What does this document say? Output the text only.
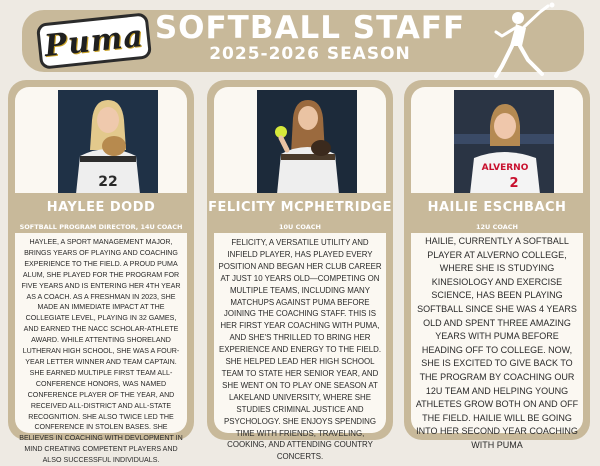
Puma SOFTBALL STAFF
2025-2026 SEASON
22
HAYLEE DODD
SOFTBALL PROGRAM DIRECTOR, 14U COACH
HAYLEE, A SPORT MANAGEMENT MAJOR, BRINGS YEARS OF PLAYING AND COACHING EXPERIENCE TO THE FIELD. A PROUD PUMA ALUM, SHE PLAYED FOR THE PROGRAM FOR FIVE YEARS AND IS ENTERING HER 4TH YEAR AS A COACH. AS A FRESHMAN IN 2023, SHE MADE AN IMMEDIATE IMPACT AT THE COLLEGIATE LEVEL, PLAYING IN 32 GAMES, AND EARNED THE NACC SCHOLAR-ATHLETE AWARD. WHILE ATTENTING SHORELAND LUTHERAN HIGH SCHOOL, SHE WAS A FOUR-YEAR LETTER WINNER AND TEAM CAPTAIN. SHE EARNED MULTIPLE FIRST TEAM ALL-CONFERENCE HONORS, WAS NAMED CONFERENCE PLAYER OF THE YEAR, AND RECEIVED ALL-DISTRICT AND ALL-STATE RECOGNITION. SHE ALSO TWICE LED THE CONFERENCE IN STOLEN BASES. SHE BELIEVES IN COACHING WITH DEVLOPMENT IN MIND CREATING COMPETENT PLAYERS AND ALSO SUCCESSFUL INDIVIDUALS.
FELICITY MCPHETRIDGE
10U COACH
FELICITY, A VERSATILE UTILITY AND INFIELD PLAYER, HAS PLAYED EVERY POSITION AND BEGAN HER CLUB CAREER AT JUST 10 YEARS OLD—COMPETING ON MULTIPLE TEAMS, INCLUDING MANY MATCHUPS AGAINST PUMA BEFORE JOINING THE COACHING STAFF. THIS IS HER FIRST YEAR COACHING WITH PUMA, AND SHE'S THRILLED TO BRING HER EXPERIENCE AND ENERGY TO THE FIELD. SHE HELPED LEAD HER HIGH SCHOOL TEAM TO STATE HER SENIOR YEAR, AND SHE WENT ON TO PLAY ONE SEASON AT LAKELAND UNIVERSITY, WHERE SHE STUDIES CRIMINAL JUSTICE AND PSYCHOLOGY. SHE ENJOYS SPENDING TIME WITH FRIENDS, TRAVELING, COOKING, AND ATTENDING COUNTRY CONCERTS.
ALVERNO
2
HAILIE ESCHBACH
12U COACH
HAILIE, CURRENTLY A SOFTBALL PLAYER AT ALVERNO COLLEGE, WHERE SHE IS STUDYING KINESIOLOGY AND EXERCISE SCIENCE, HAS BEEN PLAYING SOFTBALL SINCE SHE WAS 4 YEARS OLD AND SPENT THREE AMAZING YEARS WITH PUMA BEFORE HEADING OFF TO COLLEGE. NOW, SHE IS EXCITED TO GIVE BACK TO THE PROGRAM BY COACHING OUR 12U TEAM AND HELPING YOUNG ATHLETES GROW BOTH ON AND OFF THE FIELD. HAILIE WILL BE GOING INTO HER SECOND YEAR COACHING WITH PUMA
